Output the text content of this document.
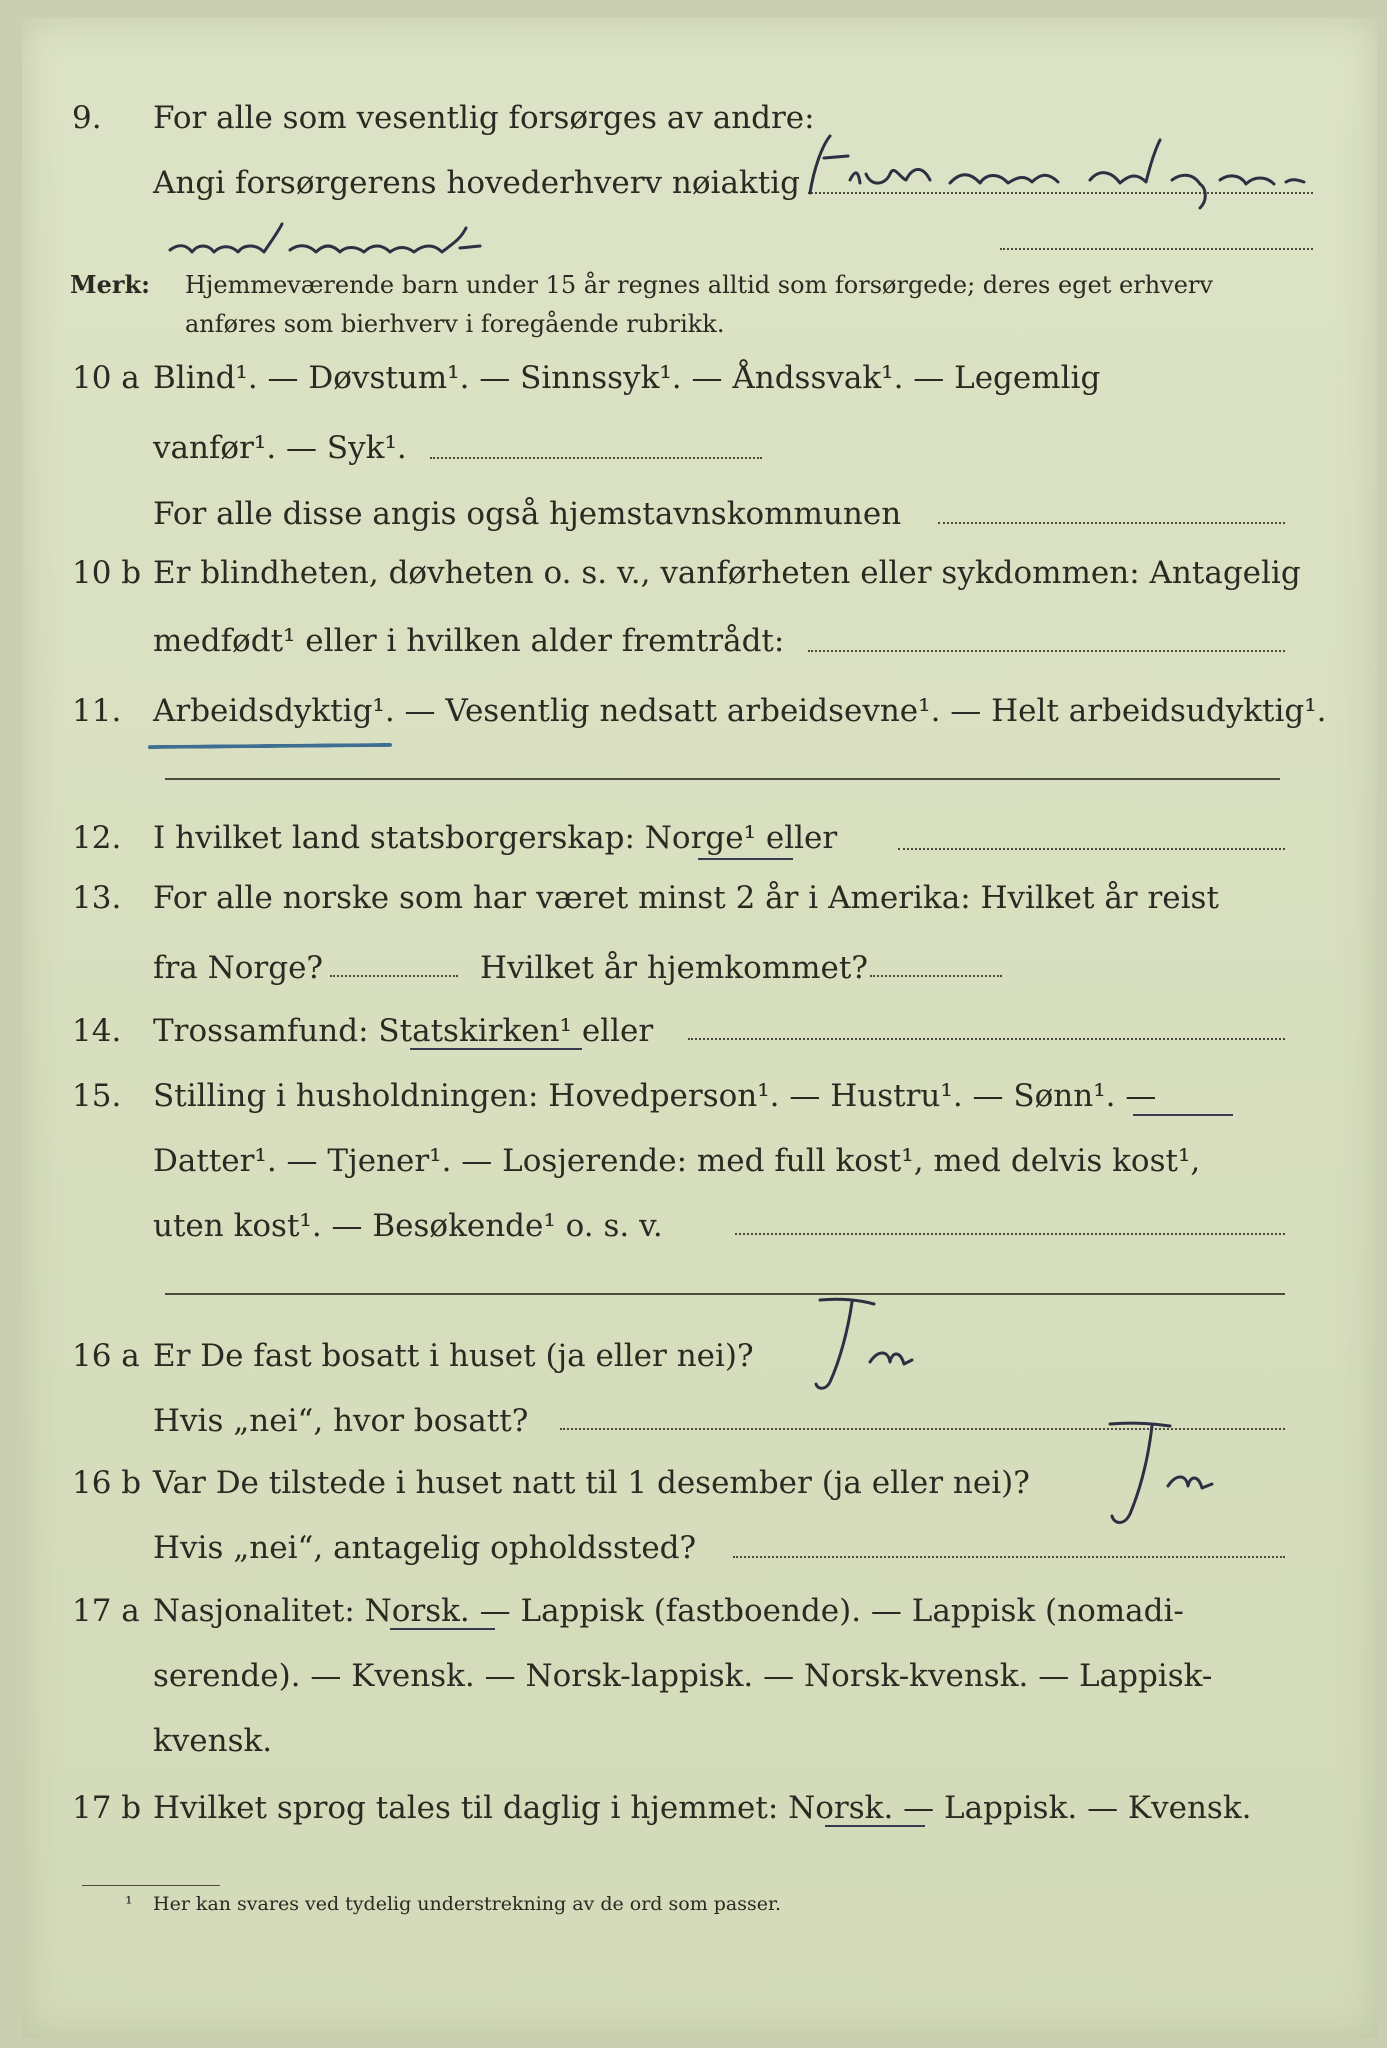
9. For alle som vesentlig forsørges av andre:
Angi forsørgerens hovederhverv nøiaktig
Merk: Hjemmeværende barn under 15 år regnes alltid som forsørgede; deres eget erhverv
anføres som bierhverv i foregående rubrikk.
10 a Blind¹. — Døvstum¹. — Sinnssyk¹. — Åndssvak¹. — Legemlig
vanfør¹. — Syk¹.
For alle disse angis også hjemstavnskommunen
10 b Er blindheten, døvheten o. s. v., vanførheten eller sykdommen: Antagelig
medfødt¹ eller i hvilken alder fremtrådt:
11. Arbeidsdyktig¹. — Vesentlig nedsatt arbeidsevne¹. — Helt arbeidsudyktig¹.
12. I hvilket land statsborgerskap: Norge¹ eller
13. For alle norske som har været minst 2 år i Amerika: Hvilket år reist
fra Norge?	Hvilket år hjemkommet?
14. Trossamfund: Statskirken¹ eller
15. Stilling i husholdningen: Hovedperson¹. — Hustru¹. — Sønn¹. —
Datter¹. — Tjener¹. — Losjerende: med full kost¹, med delvis kost¹,
uten kost¹. — Besøkende¹ o. s. v.
16 a Er De fast bosatt i huset (ja eller nei)?
Hvis „nei“, hvor bosatt?
16 b Var De tilstede i huset natt til 1 desember (ja eller nei)?
Hvis „nei“, antagelig opholdssted?
17 a Nasjonalitet: Norsk. — Lappisk (fastboende). — Lappisk (nomadi-
serende). — Kvensk. — Norsk-lappisk. — Norsk-kvensk. — Lappisk-
kvensk.
17 b Hvilket sprog tales til daglig i hjemmet: Norsk. — Lappisk. — Kvensk.
¹ Her kan svares ved tydelig understrekning av de ord som passer.
